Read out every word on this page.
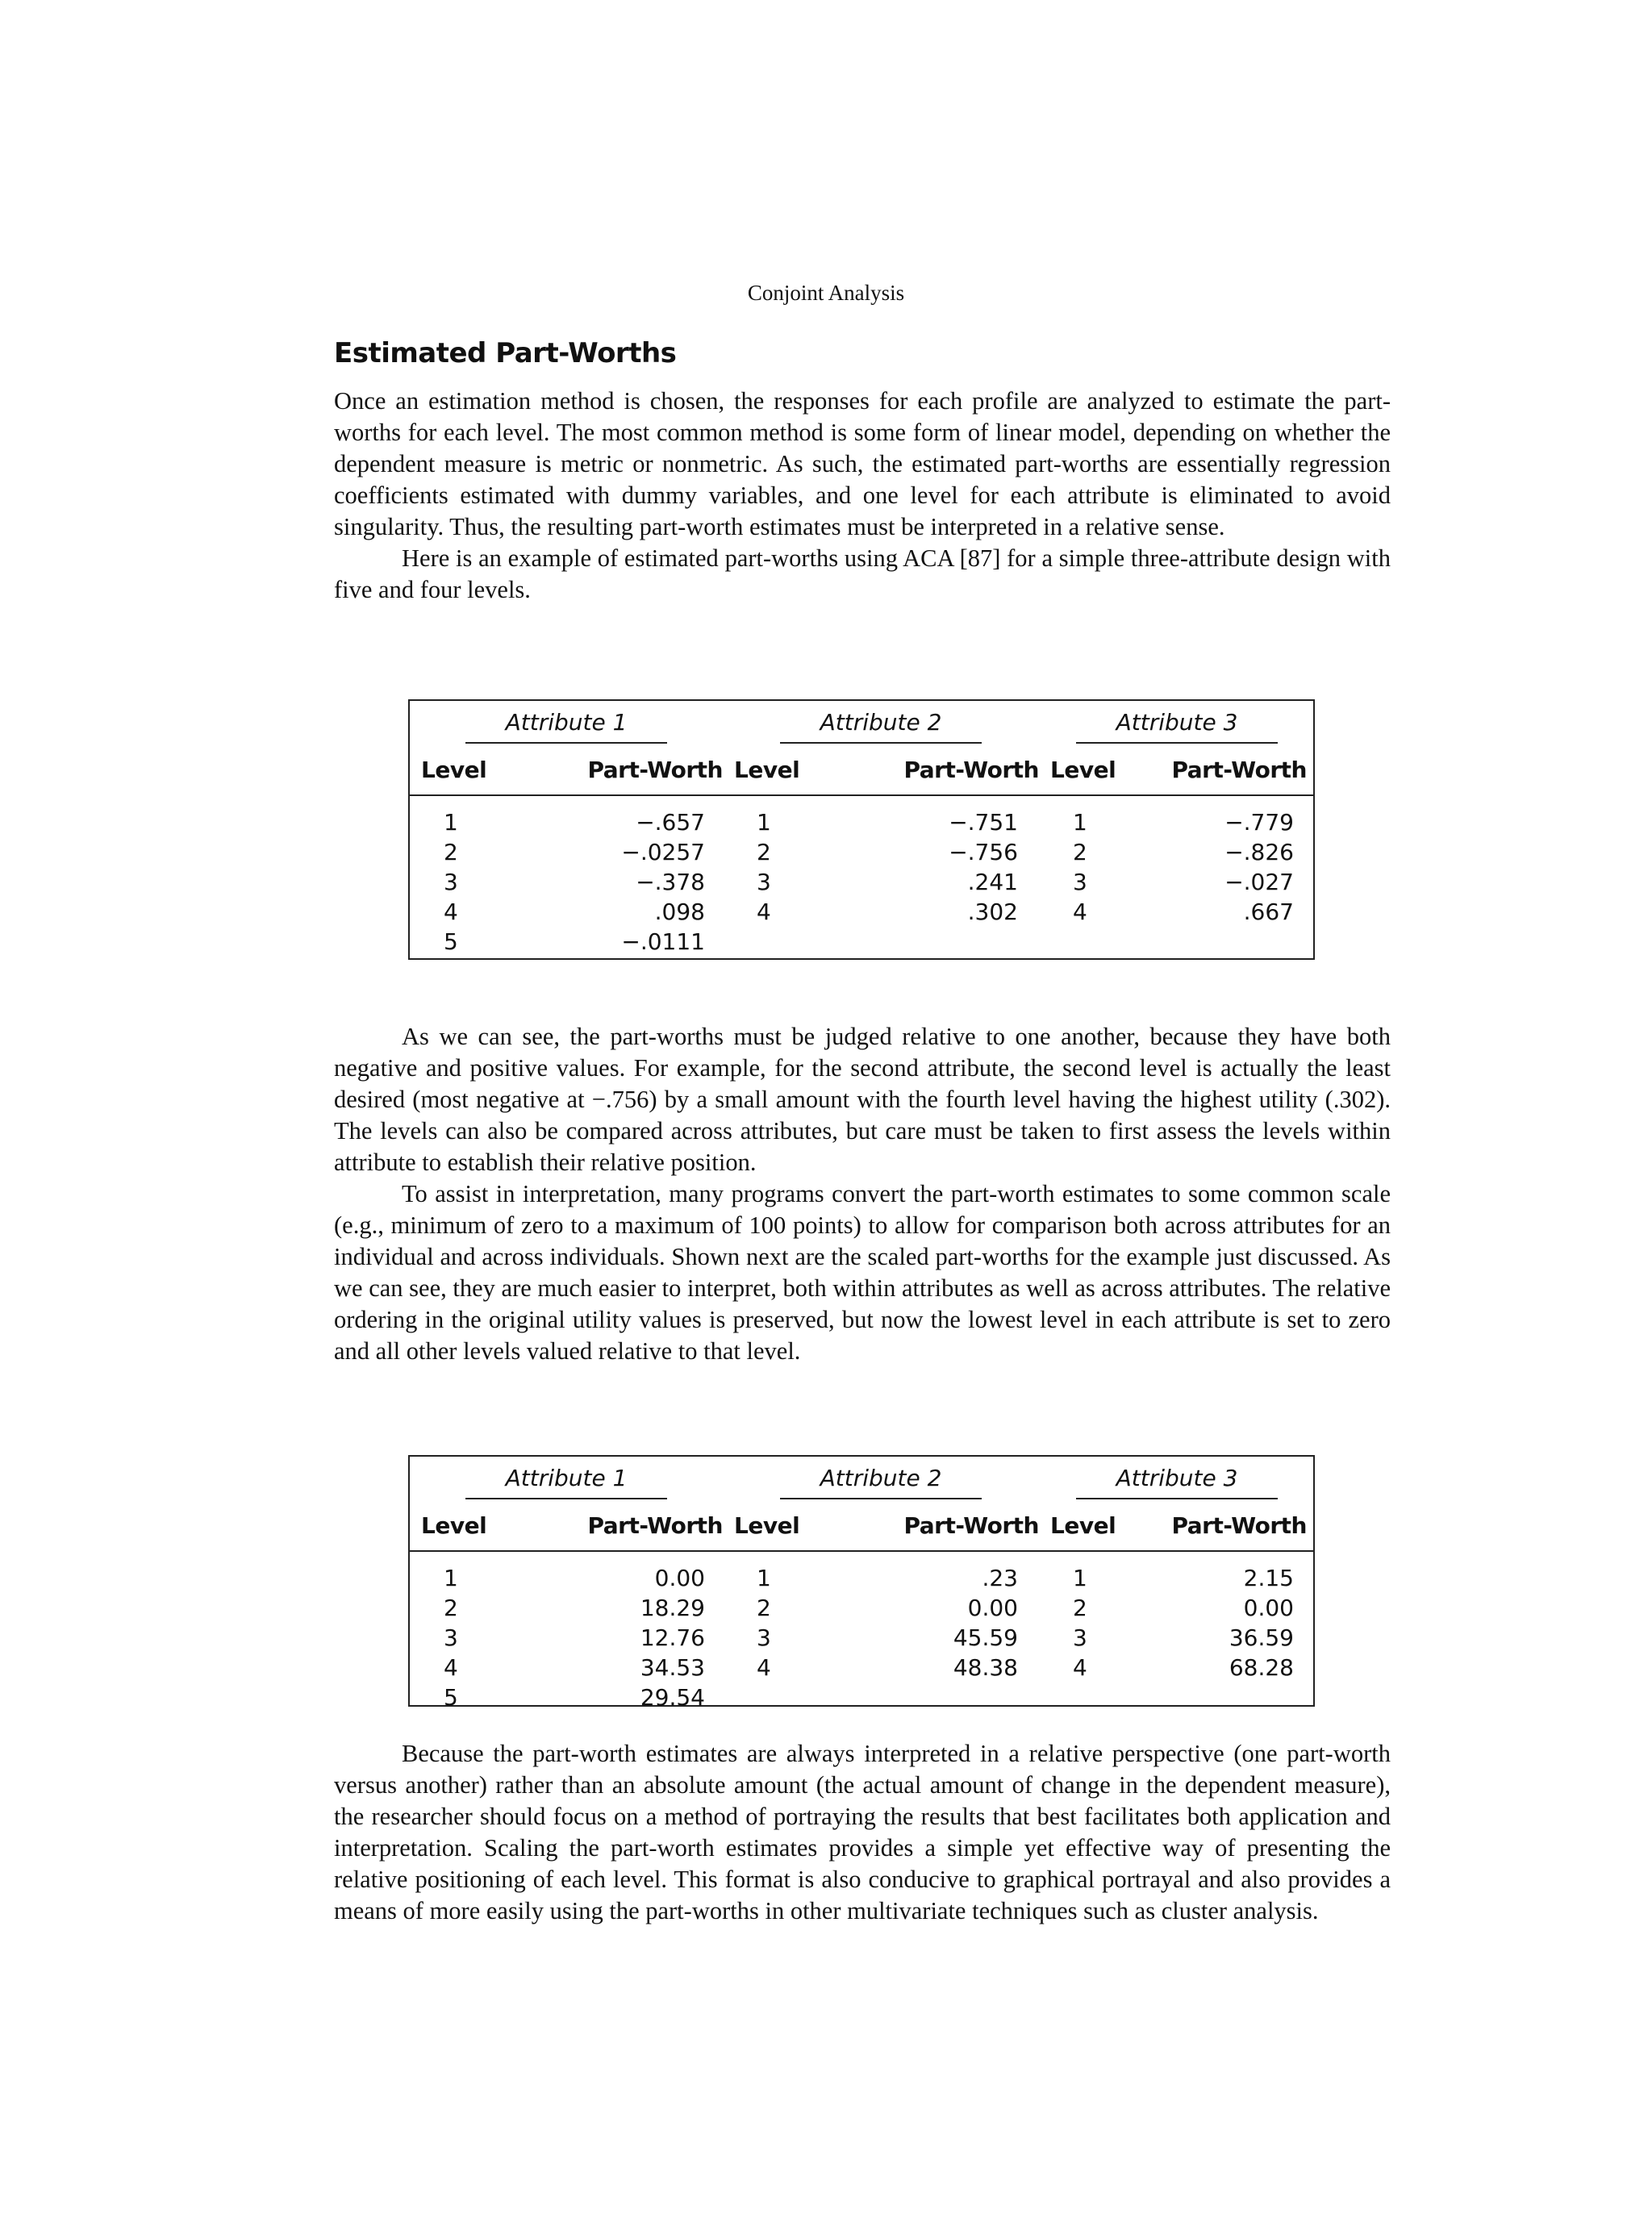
Conjoint Analysis
Estimated Part-Worths

Once an estimation method is chosen, the responses for each profile are analyzed to estimate the part-worths for each level. The most common method is some form of linear model, depending on whether the dependent measure is metric or nonmetric. As such, the estimated part-worths are essentially regression coefficients estimated with dummy variables, and one level for each attribute is eliminated to avoid singularity. Thus, the resulting part-worth estimates must be interpreted in a relative sense.

Here is an example of estimated part-worths using ACA [87] for a simple three-attribute design with five and four levels.

Attribute 1		Attribute 2		Attribute 3	
Level	Part-Worth	Level	Part-Worth	Level	Part-Worth
1	−.657	1	−.751	1	−.779
2	−.0257	2	−.756	2	−.826
3	−.378	3	.241	3	−.027
4	.098	4	.302	4	.667
5	−.0111				

As we can see, the part-worths must be judged relative to one another, because they have both negative and positive values. For example, for the second attribute, the second level is actually the least desired (most negative at −.756) by a small amount with the fourth level having the highest utility (.302). The levels can also be compared across attributes, but care must be taken to first assess the levels within attribute to establish their relative position.

To assist in interpretation, many programs convert the part-worth estimates to some common scale (e.g., minimum of zero to a maximum of 100 points) to allow for comparison both across attributes for an individual and across individuals. Shown next are the scaled part-worths for the example just discussed. As we can see, they are much easier to interpret, both within attributes as well as across attributes. The relative ordering in the original utility values is preserved, but now the lowest level in each attribute is set to zero and all other levels valued relative to that level.

Attribute 1		Attribute 2		Attribute 3	
Level	Part-Worth	Level	Part-Worth	Level	Part-Worth
1	0.00	1	.23	1	2.15
2	18.29	2	0.00	2	0.00
3	12.76	3	45.59	3	36.59
4	34.53	4	48.38	4	68.28
5	29.54				

Because the part-worth estimates are always interpreted in a relative perspective (one part-worth versus another) rather than an absolute amount (the actual amount of change in the dependent measure), the researcher should focus on a method of portraying the results that best facilitates both application and interpretation. Scaling the part-worth estimates provides a simple yet effective way of presenting the relative positioning of each level. This format is also conducive to graphical portrayal and also provides a means of more easily using the part-worths in other multivariate techniques such as cluster analysis.
